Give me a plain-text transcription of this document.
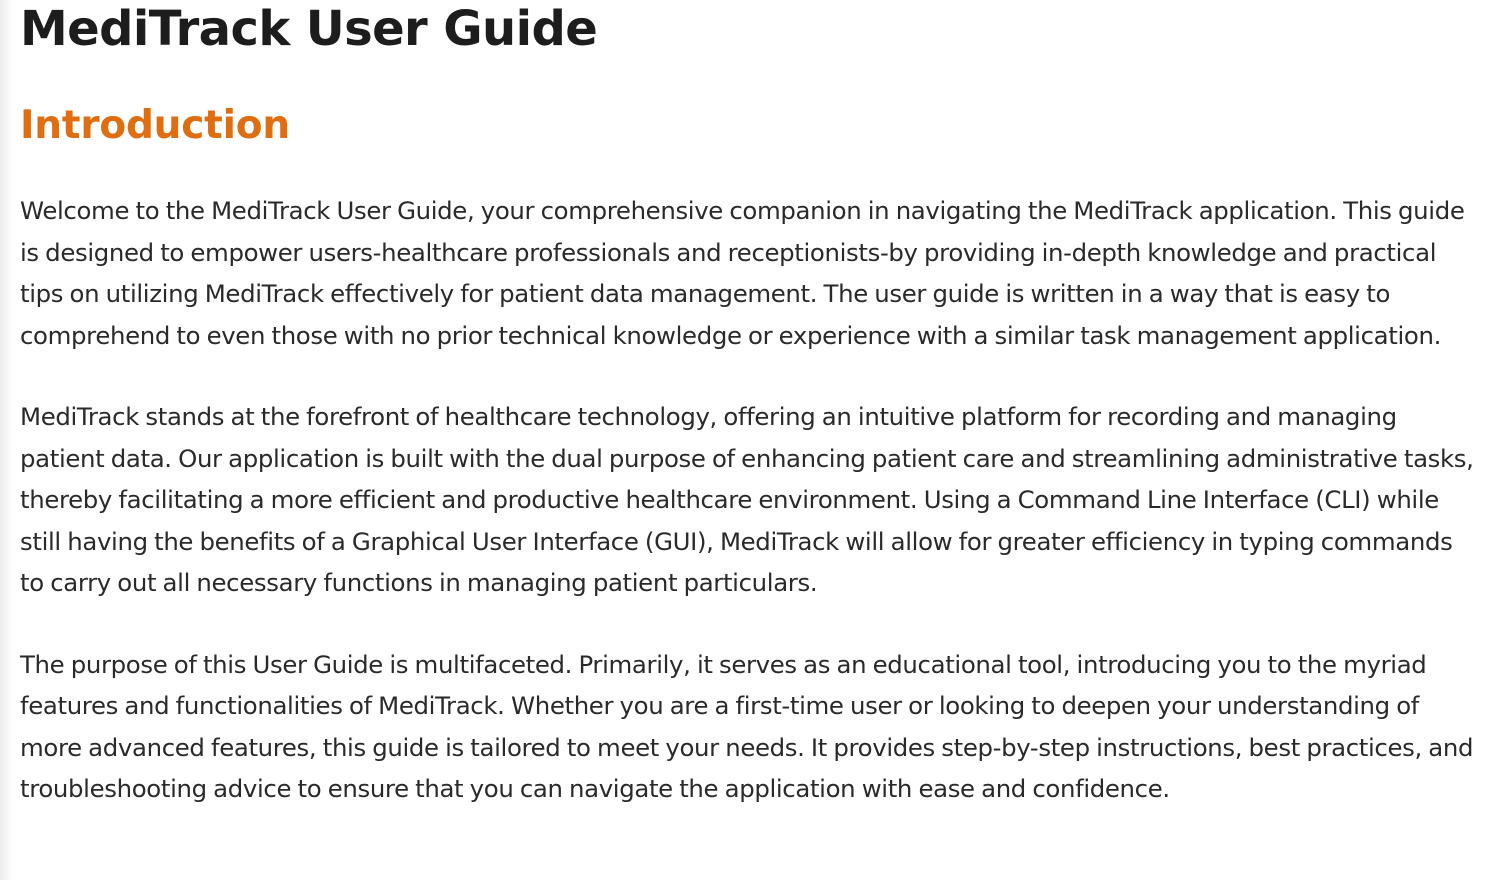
MediTrack User Guide
Introduction

Welcome to the MediTrack User Guide, your comprehensive companion in navigating the MediTrack application. This guide is designed to empower users-healthcare professionals and receptionists-by providing in-depth knowledge and practical tips on utilizing MediTrack effectively for patient data management. The user guide is written in a way that is easy to comprehend to even those with no prior technical knowledge or experience with a similar task management application.

MediTrack stands at the forefront of healthcare technology, offering an intuitive platform for recording and managing patient data. Our application is built with the dual purpose of enhancing patient care and streamlining administrative tasks, thereby facilitating a more efficient and productive healthcare environment. Using a Command Line Interface (CLI) while still having the benefits of a Graphical User Interface (GUI), MediTrack will allow for greater efficiency in typing commands to carry out all necessary functions in managing patient particulars.

The purpose of this User Guide is multifaceted. Primarily, it serves as an educational tool, introducing you to the myriad features and functionalities of MediTrack. Whether you are a first-time user or looking to deepen your understanding of more advanced features, this guide is tailored to meet your needs. It provides step-by-step instructions, best practices, and troubleshooting advice to ensure that you can navigate the application with ease and confidence.
